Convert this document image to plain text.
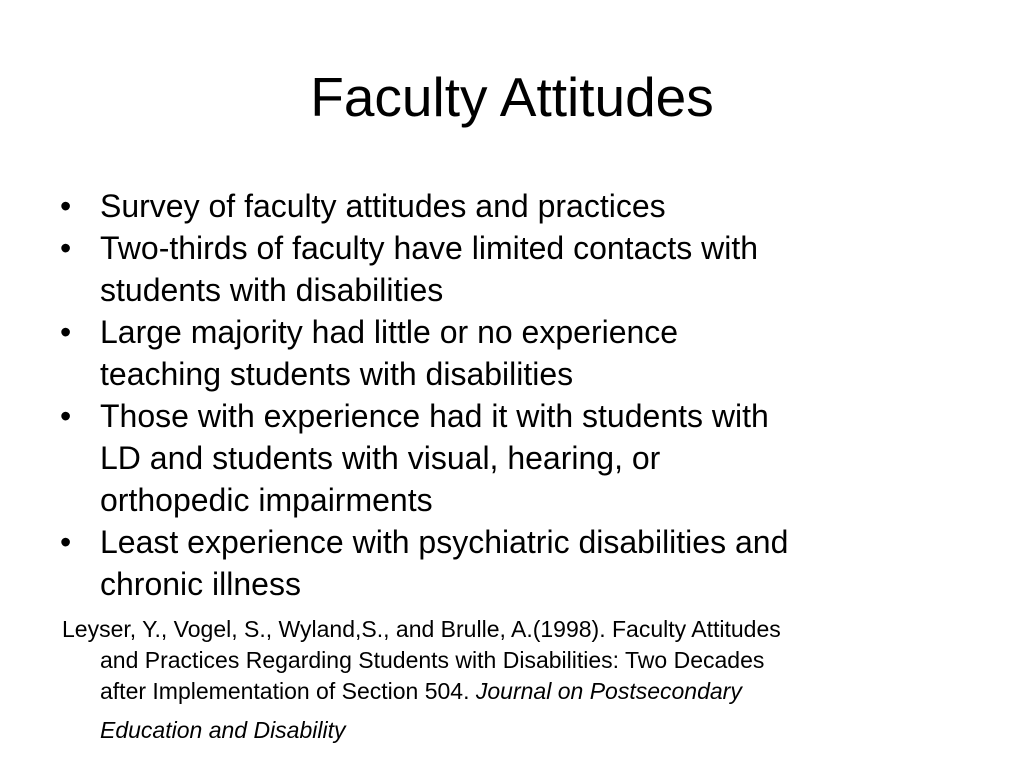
Faculty Attitudes
• Survey of faculty attitudes and practices
• Two-thirds of faculty have limited contacts with
students with disabilities
• Large majority had little or no experience
teaching students with disabilities
• Those with experience had it with students with
LD and students with visual, hearing, or
orthopedic impairments
• Least experience with psychiatric disabilities and
chronic illness

Leyser, Y., Vogel, S., Wyland,S., and Brulle, A.(1998). Faculty Attitudes
and Practices Regarding Students with Disabilities: Two Decades
after Implementation of Section 504. Journal on Postsecondary
Education and Disability
